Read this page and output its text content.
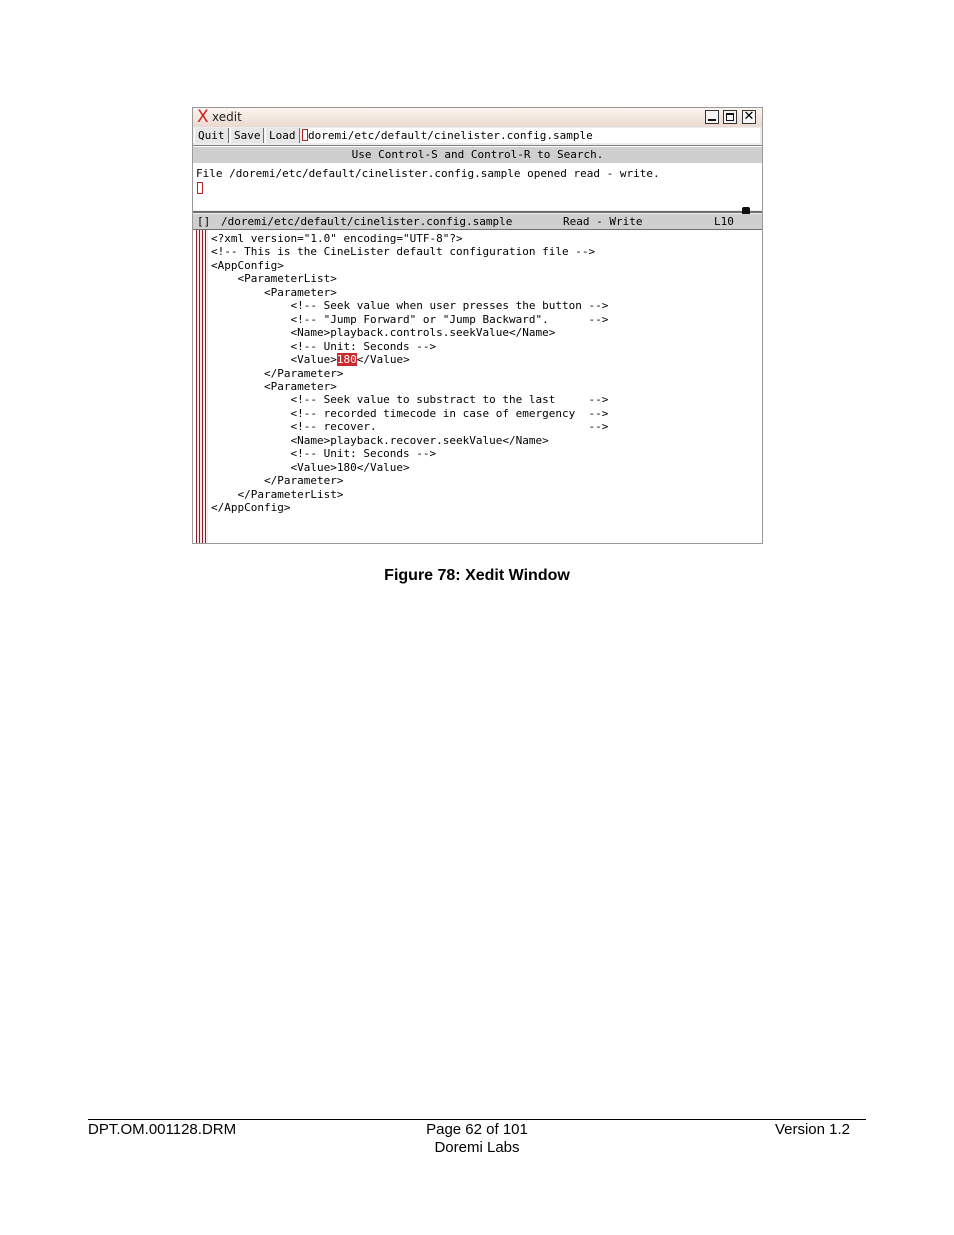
X xedit	✕
Quit Save Load	doremi/etc/default/cinelister.config.sample
Use Control-S and Control-R to Search.
File /doremi/etc/default/cinelister.config.sample opened read - write.

[]

/doremi/etc/default/cinelister.config.sample

	Read - Write

	L10

<?xml version="1.0" encoding="UTF-8"?>
<!-- This is the CineLister default configuration file -->
<AppConfig>
<ParameterList>
<Parameter>
<!-- Seek value when user presses the button -->
<!-- "Jump Forward" or "Jump Backward".      -->
<Name>playback.controls.seekValue</Name>
<!-- Unit: Seconds -->
<Value>180</Value>
</Parameter>
<Parameter>
<!-- Seek value to substract to the last     -->
<!-- recorded timecode in case of emergency  -->
<!-- recover.                                -->
<Name>playback.recover.seekValue</Name>
<!-- Unit: Seconds -->
<Value>180</Value>
</Parameter>
</ParameterList>
</AppConfig>
Figure 78: Xedit Window
DPT.OM.001128.DRM	Page 62 of 101
Doremi Labs
Version 1.2
